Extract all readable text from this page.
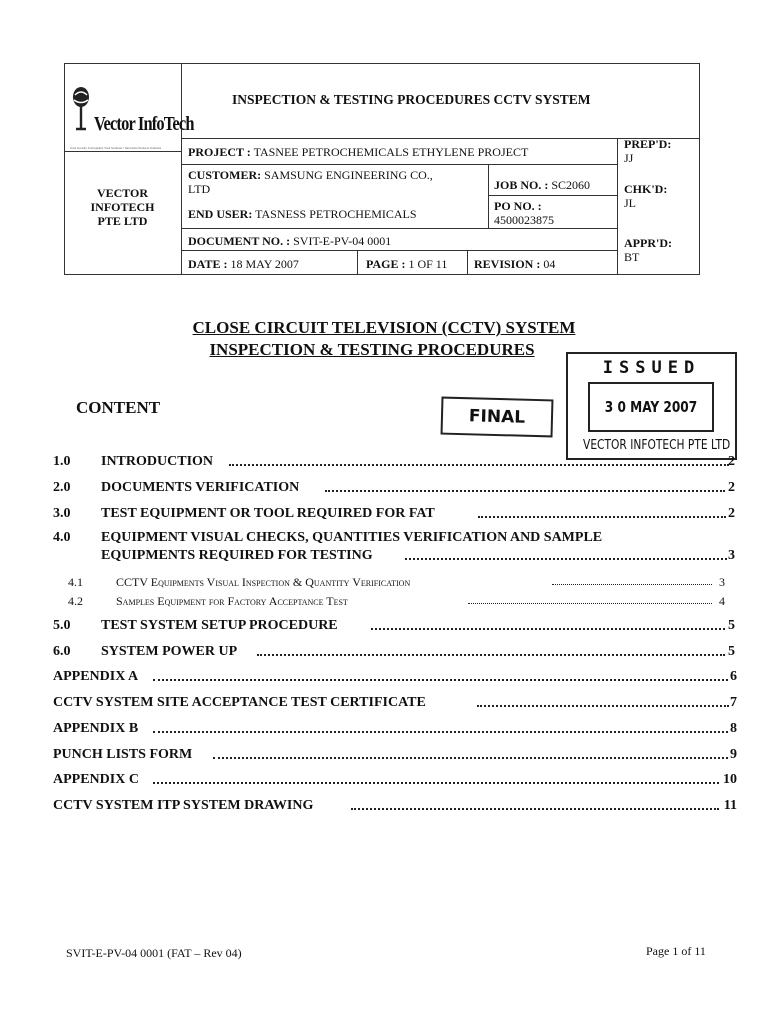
Vector InfoTech
Total Security Total Quality Total Solutions • Innovative Products Solutions
VECTOR
INFOTECH
PTE LTD
INSPECTION & TESTING PROCEDURES CCTV SYSTEM
PROJECT : TASNEE PETROCHEMICALS ETHYLENE PROJECT
CUSTOMER: SAMSUNG ENGINEERING CO.,
LTD	JOB NO. : SC2060
END USER: TASNESS PETROCHEMICALS
PO NO. :
4500023875
DOCUMENT NO. : SVIT-E-PV-04 0001
DATE : 18 MAY 2007	PAGE : 1 OF 11 REVISION : 04
PREP'D:
JJ
CHK'D:
JL
APPR'D:
BT
CLOSE CIRCUIT TELEVISION (CCTV) SYSTEM
INSPECTION & TESTING PROCEDURES
FINAL
ISSUED
3 0 MAY 2007
VECTOR INFOTECH PTE LTD
CONTENT
1.0 INTRODUCTION	2
2.0 DOCUMENTS VERIFICATION	2
3.0 TEST EQUIPMENT OR TOOL REQUIRED FOR FAT	2
4.0 EQUIPMENT VISUAL CHECKS, QUANTITIES VERIFICATION AND SAMPLE
EQUIPMENTS REQUIRED FOR TESTING	3
4.1	CCTV Equipments Visual Inspection & Quantity Verification	3
4.2	Samples Equipment for Factory Acceptance Test	4
5.0 TEST SYSTEM SETUP PROCEDURE	5
6.0 SYSTEM POWER UP	5
APPENDIX A	6
CCTV SYSTEM SITE ACCEPTANCE TEST CERTIFICATE	7
APPENDIX B	8
PUNCH LISTS FORM	9
APPENDIX C	10
CCTV SYSTEM ITP SYSTEM DRAWING	11
SVIT-E-PV-04 0001 (FAT – Rev 04)	Page 1 of 11
